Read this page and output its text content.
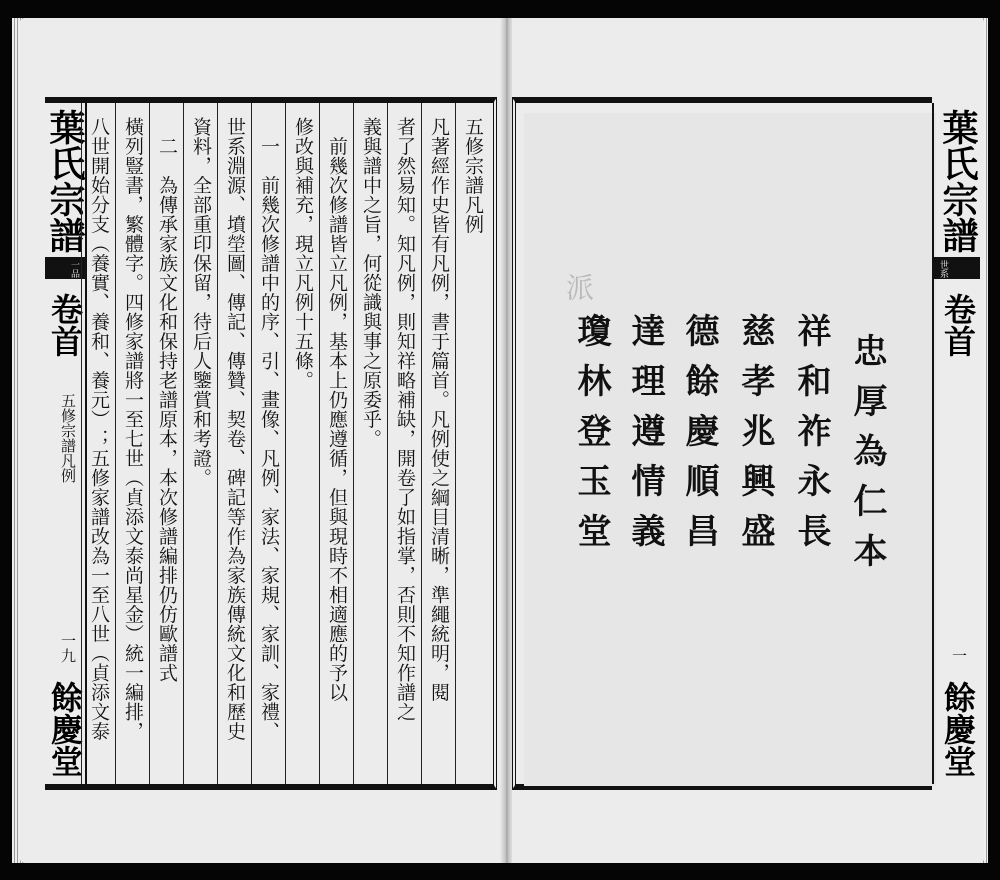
葉氏宗譜
一品
卷首
五修宗譜凡例
一九
餘慶堂
五修宗譜凡例
凡著經作史皆有凡例，書于篇首。凡例使之綱目清晰，準繩統明，閱
者了然易知。知凡例，則知祥略補缺，開卷了如指掌，否則不知作譜之
義與譜中之旨，何從識與事之原委乎。
　前幾次修譜皆立凡例，基本上仍應遵循，但與現時不相適應的予以
修改與補充，現立凡例十五條。
　一　前幾次修譜中的序、引、畫像、凡例、家法、家規、家訓、家禮、
世系淵源、墳塋圖、傳記、傳贊、契卷、碑記等作為家族傳統文化和歷史
資料，全部重印保留，待后人鑒賞和考證。
　二　為傳承家族文化和保持老譜原本，本次修譜編排仍仿歐譜式
橫列豎書，繁體字。四修家譜將一至七世（貞添文泰尚星金）統一編排，
八世開始分支（養實、養和、養元）；五修家譜改為一至八世（貞添文泰	派
忠厚為仁本
祥和祚永長
慈孝兆興盛
德餘慶順昌
達理遵情義
瓊林登玉堂
葉氏宗譜
世系
卷首
一
餘慶堂
